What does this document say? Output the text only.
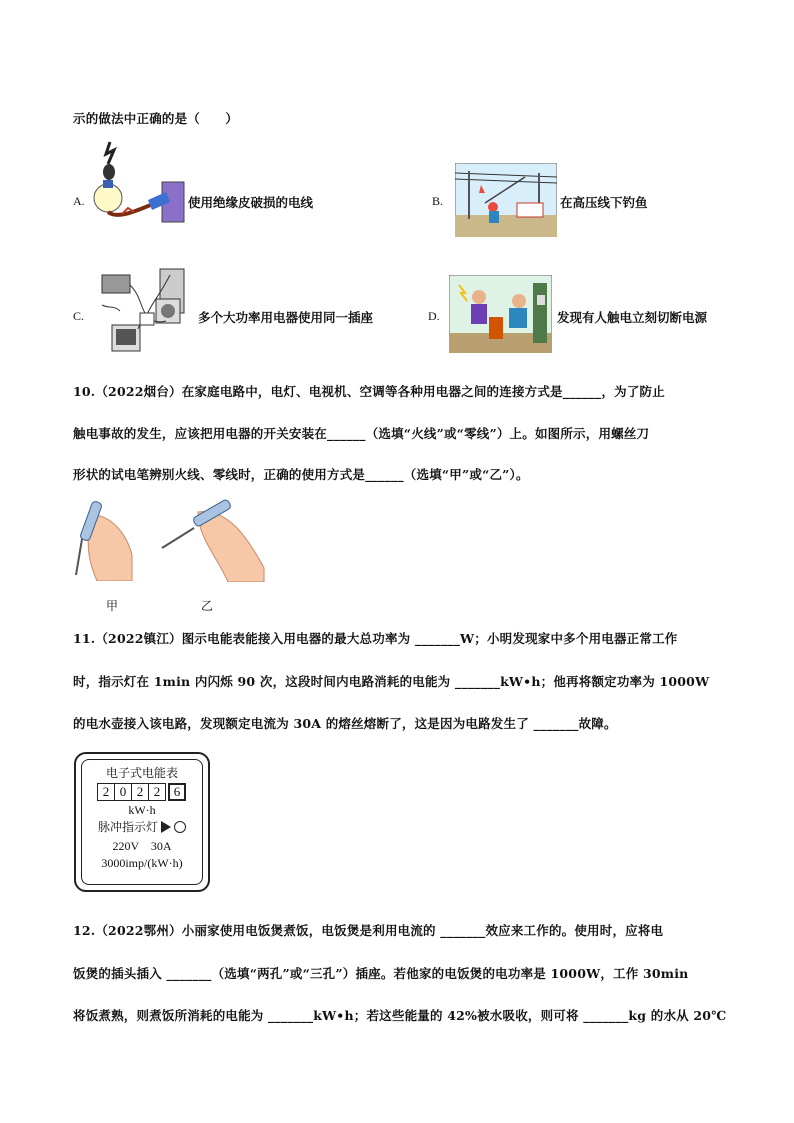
示的做法中正确的是（　　）
A.	使用绝缘皮破损的电线	B.	在高压线下钓鱼
C.	多个大功率用电器使用同一插座	D.	发现有人触电立刻切断电源
10.（2022烟台）在家庭电路中，电灯、电视机、空调等各种用电器之间的连接方式是______，为了防止
触电事故的发生，应该把用电器的开关安装在______（选填“火线”或“零线”）上。如图所示，用螺丝刀
形状的试电笔辨别火线、零线时，正确的使用方式是______（选填“甲”或“乙”）。
甲	乙
11.（2022镇江）图示电能表能接入用电器的最大总功率为 _______W；小明发现家中多个用电器正常工作
时，指示灯在 1min 内闪烁 90 次，这段时间内电路消耗的电能为 _______kW•h；他再将额定功率为 1000W
的电水壶接入该电路，发现额定电流为 30A 的熔丝熔断了，这是因为电路发生了 _______故障。
电子式电能表
2 0 2 2	6
kW·h
脉冲指示灯
220V　30A
3000imp/(kW·h)
12.（2022鄂州）小丽家使用电饭煲煮饭，电饭煲是利用电流的 _______效应来工作的。使用时，应将电
饭煲的插头插入 _______（选填“两孔”或“三孔”）插座。若他家的电饭煲的电功率是 1000W，工作 30min
将饭煮熟，则煮饭所消耗的电能为 _______kW•h；若这些能量的 42%被水吸收，则可将 _______kg 的水从 20℃
